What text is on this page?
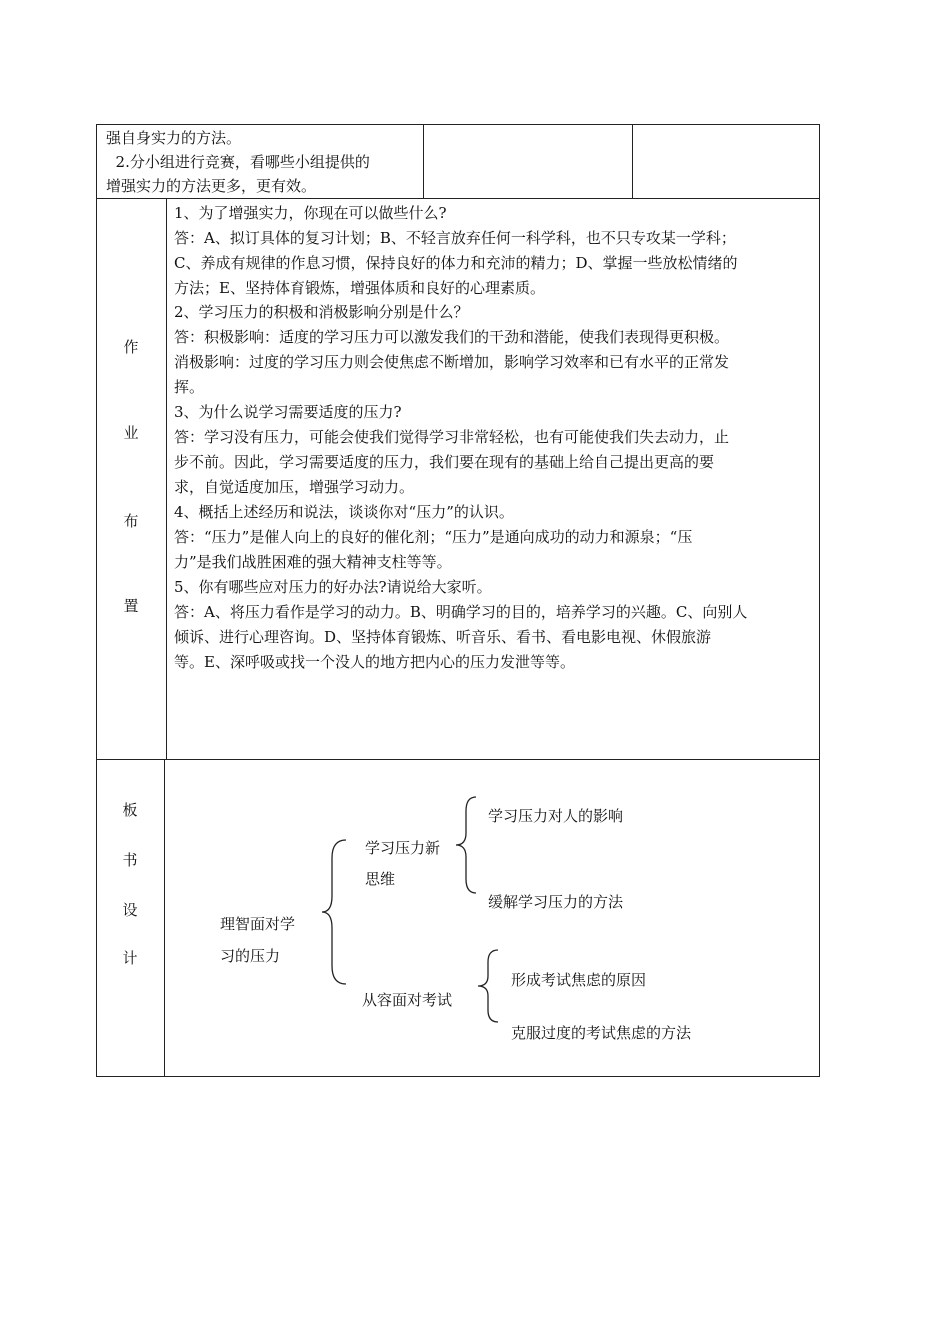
强自身实力的方法。
2.分小组进行竞赛，看哪些小组提供的
增强实力的方法更多，更有效。
作
业
布
置
1、为了增强实力，你现在可以做些什么?
答：A、拟订具体的复习计划；B、不轻言放弃任何一科学科，也不只专攻某一学科；
C、养成有规律的作息习惯，保持良好的体力和充沛的精力；D、掌握一些放松情绪的
方法；E、坚持体育锻炼，增强体质和良好的心理素质。
2、学习压力的积极和消极影响分别是什么？
答：积极影响：适度的学习压力可以激发我们的干劲和潜能，使我们表现得更积极。
消极影响：过度的学习压力则会使焦虑不断增加，影响学习效率和已有水平的正常发
挥。
3、为什么说学习需要适度的压力?
答：学习没有压力，可能会使我们觉得学习非常轻松，也有可能使我们失去动力，止
步不前。因此，学习需要适度的压力，我们要在现有的基础上给自己提出更高的要
求，自觉适度加压，增强学习动力。
4、概括上述经历和说法，谈谈你对“压力”的认识。
答：“压力”是催人向上的良好的催化剂；“压力”是通向成功的动力和源泉；“压
力”是我们战胜困难的强大精神支柱等等。
5、你有哪些应对压力的好办法?请说给大家听。
答：A、将压力看作是学习的动力。B、明确学习的目的，培养学习的兴趣。C、向别人
倾诉、进行心理咨询。D、坚持体育锻炼、听音乐、看书、看电影电视、休假旅游
等。E、深呼吸或找一个没人的地方把内心的压力发泄等等。
板
书
设
计
理智面对学
习的压力
学习压力新
思维
学习压力对人的影响
缓解学习压力的方法
从容面对考试
形成考试焦虑的原因
克服过度的考试焦虑的方法
